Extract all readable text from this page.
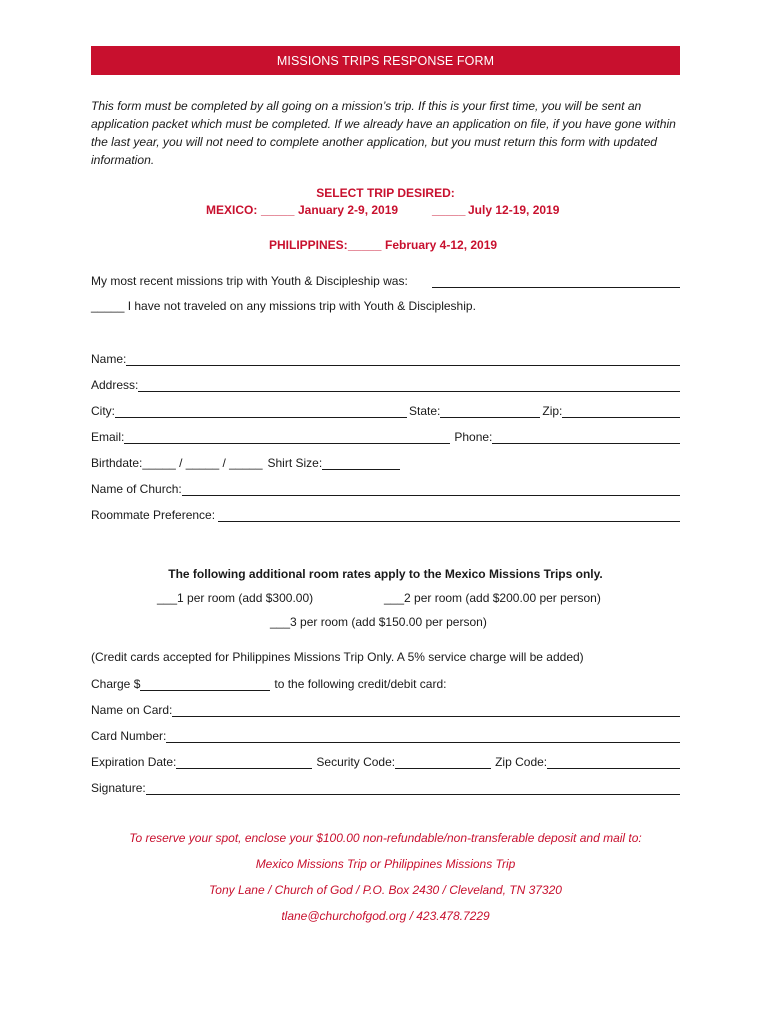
MISSIONS TRIPS RESPONSE FORM
This form must be completed by all going on a mission’s trip. If this is your first time, you will be sent an application packet which must be completed. If we already have an application on file, if you have gone within the last year, you will not need to complete another application, but you must return this form with updated information.
SELECT TRIP DESIRED:
MEXICO: _____ January 2-9, 2019	_____ July 12-19, 2019
PHILIPPINES: _____ February 4-12, 2019
My most recent missions trip with Youth & Discipleship was:
_____ I have not traveled on any missions trip with Youth & Discipleship.
Name:
Address:
City:	State:	Zip:
Email:	Phone:
Birthdate: _____ / _____ / _____ Shirt Size:
Name of Church:
Roommate Preference:
The following additional room rates apply to the Mexico Missions Trips only.
___1 per room (add $300.00)	___2 per room (add $200.00 per person)
___3 per room (add $150.00 per person)
(Credit cards accepted for Philippines Missions Trip Only. A 5% service charge will be added)
Charge $	to the following credit/debit card:
Name on Card:
Card Number:
Expiration Date:	Security Code:	Zip Code:
Signature:
To reserve your spot, enclose your $100.00 non-refundable/non-transferable deposit and mail to:
Mexico Missions Trip or Philippines Missions Trip
Tony Lane / Church of God / P.O. Box 2430 / Cleveland, TN 37320
tlane@churchofgod.org / 423.478.7229
